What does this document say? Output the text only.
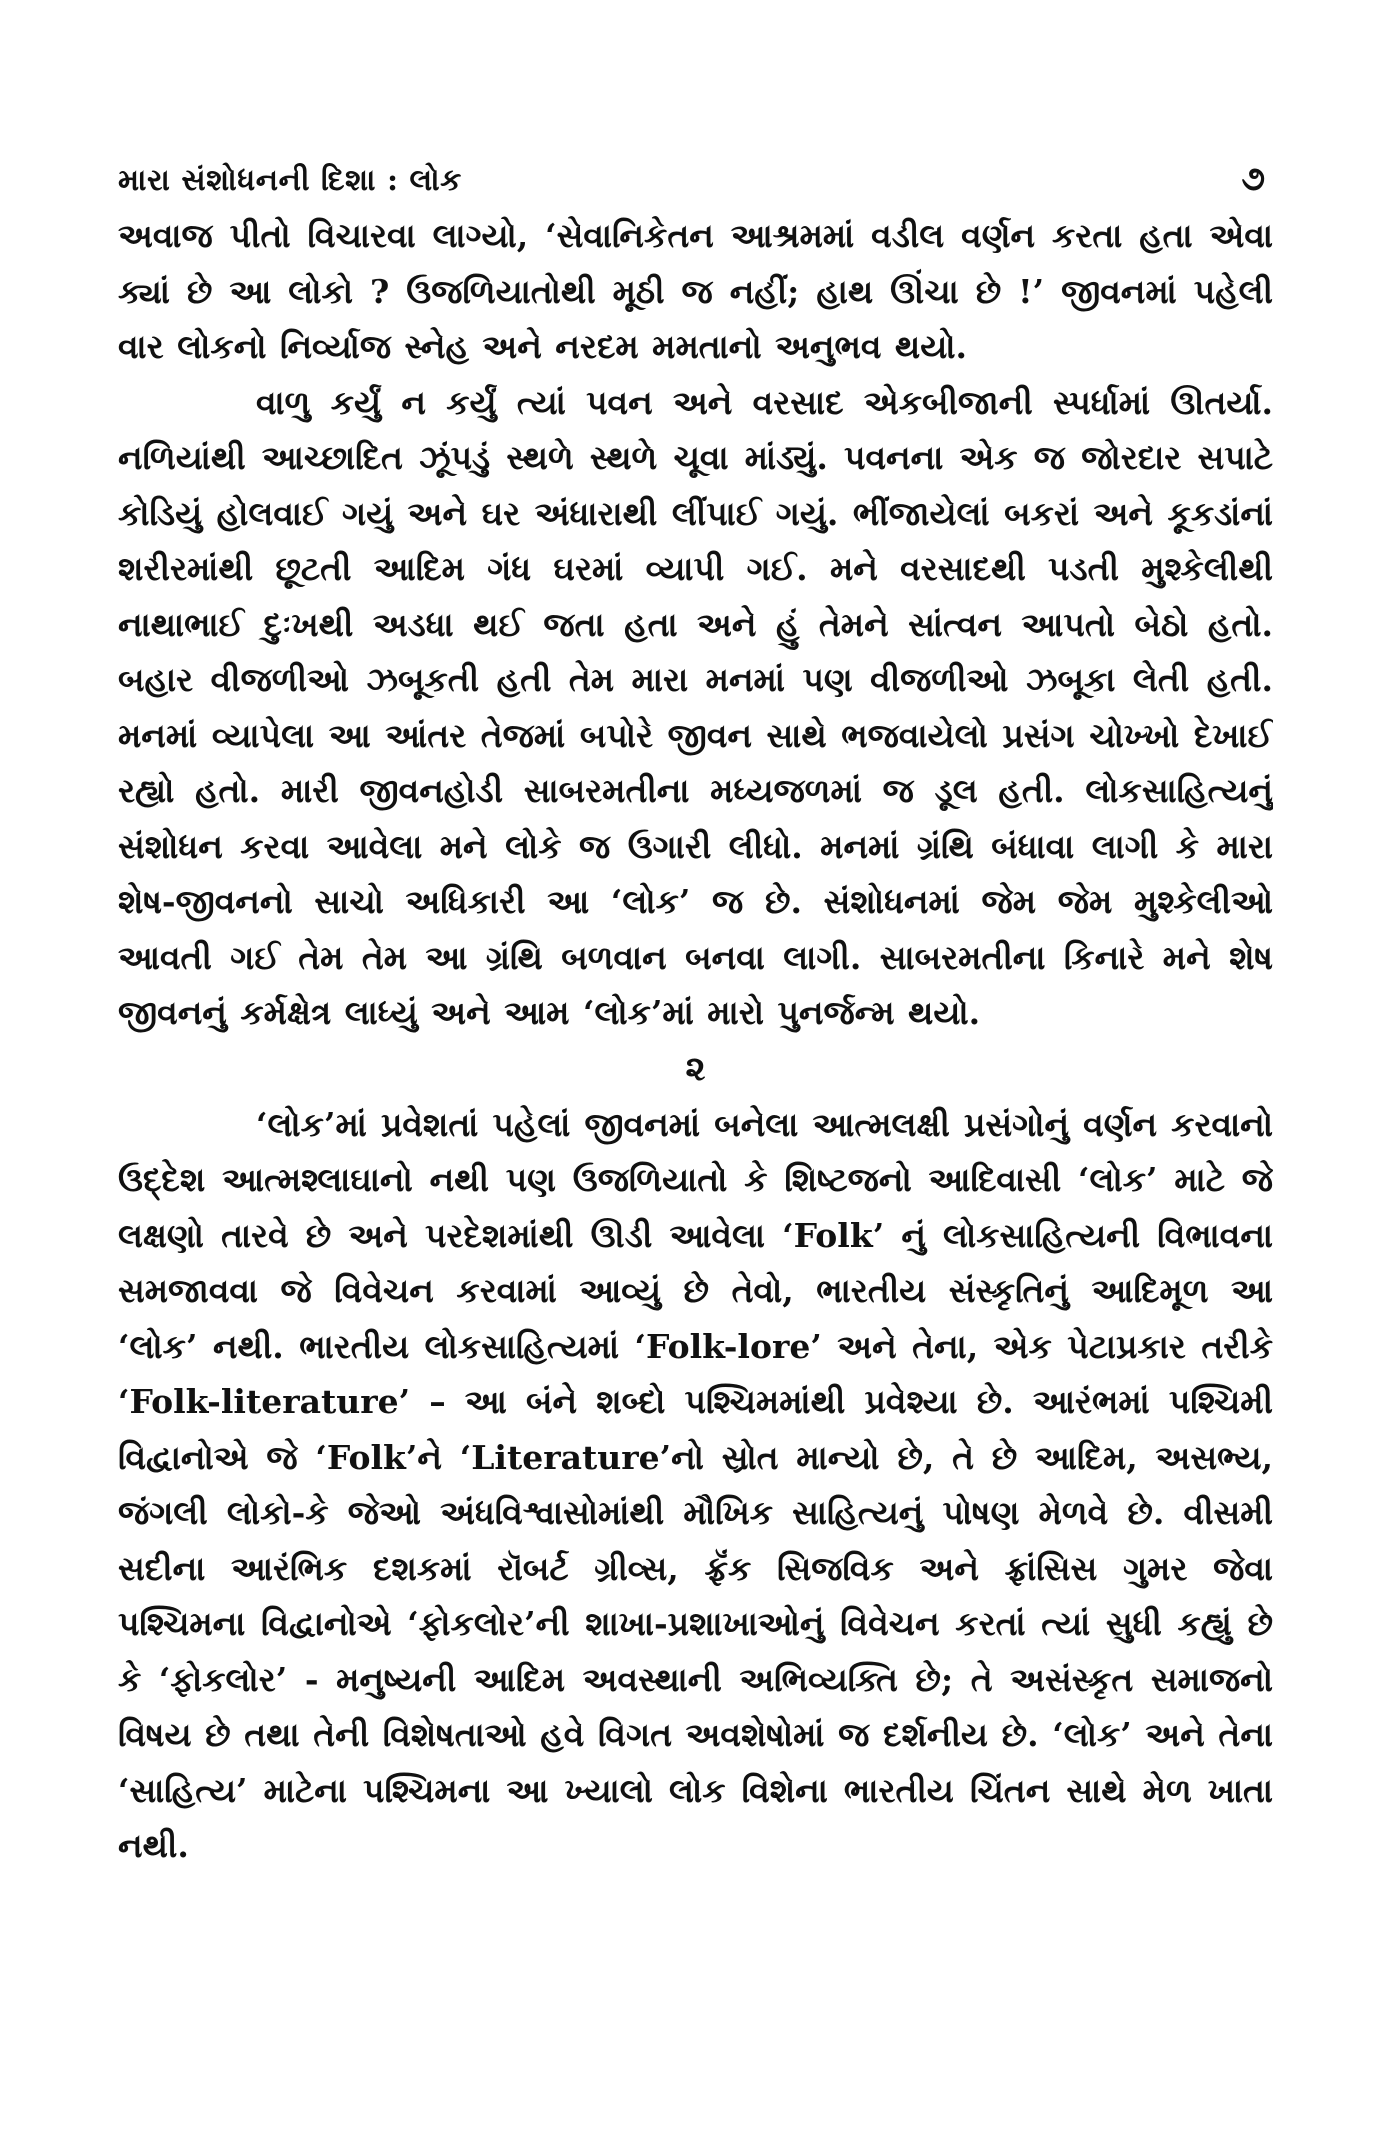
મારા સંશોધનની દિશા : લોક	૭

અવાજ પીતો વિચારવા લાગ્યો, ‘સેવાનિકેતન આશ્રમમાં વડીલ વર્ણન કરતા હતા એવા ક્યાં છે આ લોકો ? ઉજળિયાતોથી મૂઠી જ નહીં; હાથ ઊંચા છે !’ જીવનમાં પહેલી વાર લોકનો નિર્વ્યાજ સ્નેહ અને નરદમ મમતાનો અનુભવ થયો.

વાળુ કર્યું ન કર્યું ત્યાં પવન અને વરસાદ એકબીજાની સ્પર્ધામાં ઊતર્યા. નળિયાંથી આચ્છાદિત ઝૂંપડું સ્થળે સ્થળે ચૂવા માંડ્યું. પવનના એક જ જોરદાર સપાટે કોડિયું હોલવાઈ ગયું અને ઘર અંધારાથી લીંપાઈ ગયું. ભીંજાયેલાં બકરાં અને કૂકડાંનાં શરીરમાંથી છૂટતી આદિમ ગંધ ઘરમાં વ્યાપી ગઈ. મને વરસાદથી પડતી મુશ્કેલીથી નાથાભાઈ દુઃખથી અડધા થઈ જતા હતા અને હું તેમને સાંત્વન આપતો બેઠો હતો. બહાર વીજળીઓ ઝબૂકતી હતી તેમ મારા મનમાં પણ વીજળીઓ ઝબૂકા લેતી હતી. મનમાં વ્યાપેલા આ આંતર તેજમાં બપોરે જીવન સાથે ભજવાયેલો પ્રસંગ ચોખ્ખો દેખાઈ રહ્યો હતો. મારી જીવનહોડી સાબરમતીના મધ્યજળમાં જ ડૂલ હતી. લોકસાહિત્યનું સંશોધન કરવા આવેલા મને લોકે જ ઉગારી લીધો. મનમાં ગ્રંથિ બંધાવા લાગી કે મારા શેષ-જીવનનો સાચો અધિકારી આ ‘લોક’ જ છે. સંશોધનમાં જેમ જેમ મુશ્કેલીઓ આવતી ગઈ તેમ તેમ આ ગ્રંથિ બળવાન બનવા લાગી. સાબરમતીના કિનારે મને શેષ જીવનનું કર્મક્ષેત્ર લાધ્યું અને આમ ‘લોક’માં મારો પુનર્જન્મ થયો.

૨

‘લોક’માં પ્રવેશતાં પહેલાં જીવનમાં બનેલા આત્મલક્ષી પ્રસંગોનું વર્ણન કરવાનો ઉદ્દેશ આત્મશ્લાઘાનો નથી પણ ઉજળિયાતો કે શિષ્ટજનો આદિવાસી ‘લોક’ માટે જે લક્ષણો તારવે છે અને પરદેશમાંથી ઊડી આવેલા ‘Folk’ નું લોકસાહિત્યની વિભાવના સમજાવવા જે વિવેચન કરવામાં આવ્યું છે તેવો, ભારતીય સંસ્કૃતિનું આદિમૂળ આ ‘લોક’ નથી. ભારતીય લોકસાહિત્યમાં ‘Folk-lore’ અને તેના, એક પેટાપ્રકાર તરીકે ‘Folk-literature’ – આ બંને શબ્દો પશ્ચિમમાંથી પ્રવેશ્યા છે. આરંભમાં પશ્ચિમી વિદ્વાનોએ જે ‘Folk’ને ‘Literature’નો સ્રોત માન્યો છે, તે છે આદિમ, અસભ્ય, જંગલી લોકો-કે જેઓ અંધવિશ્વાસોમાંથી મૌખિક સાહિત્યનું પોષણ મેળવે છે. વીસમી સદીના આરંભિક દશકમાં રૉબર્ટ ગ્રીવ્સ, ફ્રૅંક સિજવિક અને ફ્રાંસિસ ગુમર જેવા પશ્ચિમના વિદ્વાનોએ ‘ફોકલોર’ની શાખા-પ્રશાખાઓનું વિવેચન કરતાં ત્યાં સુધી કહ્યું છે કે ‘ફોકલોર’ - મનુષ્યની આદિમ અવસ્થાની અભિવ્યક્તિ છે; તે અસંસ્કૃત સમાજનો વિષય છે તથા તેની વિશેષતાઓ હવે વિગત અવશેષોમાં જ દર્શનીય છે. ‘લોક’ અને તેના ‘સાહિત્ય’ માટેના પશ્ચિમના આ ખ્યાલો લોક વિશેના ભારતીય ચિંતન સાથે મેળ ખાતા નથી.
